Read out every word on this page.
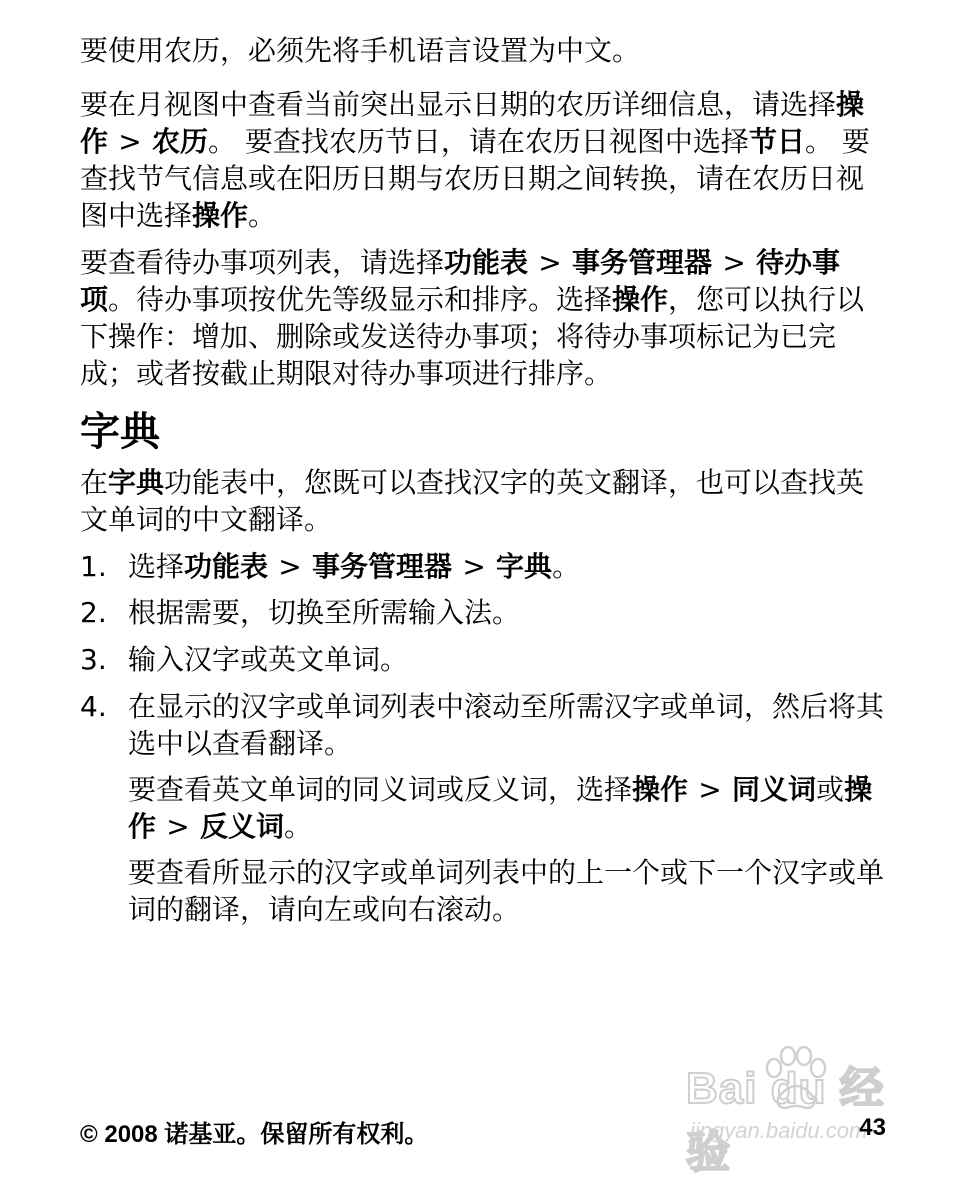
要使用农历，必须先将手机语言设置为中文。

要在月视图中查看当前突出显示日期的农历详细信息，请选择操作 > 农历。 要查找农历节日，请在农历日视图中选择节日。 要查找节气信息或在阳历日期与农历日期之间转换，请在农历日视图中选择操作。

要查看待办事项列表，请选择功能表 > 事务管理器 > 待办事项。待办事项按优先等级显示和排序。选择操作，您可以执行以下操作：增加、删除或发送待办事项；将待办事项标记为已完成；或者按截止期限对待办事项进行排序。

字典

在字典功能表中，您既可以查找汉字的英文翻译，也可以查找英文单词的中文翻译。

1. 选择功能表 > 事务管理器 > 字典。
2. 根据需要，切换至所需输入法。
3. 输入汉字或英文单词。
4. 在显示的汉字或单词列表中滚动至所需汉字或单词，然后将其选中以查看翻译。

要查看英文单词的同义词或反义词，选择操作 > 同义词或操作 > 反义词。

要查看所显示的汉字或单词列表中的上一个或下一个汉字或单词的翻译，请向左或向右滚动。

Bai du 经验
jingyan.baidu.com
© 2008 诺基亚。保留所有权利。	43
